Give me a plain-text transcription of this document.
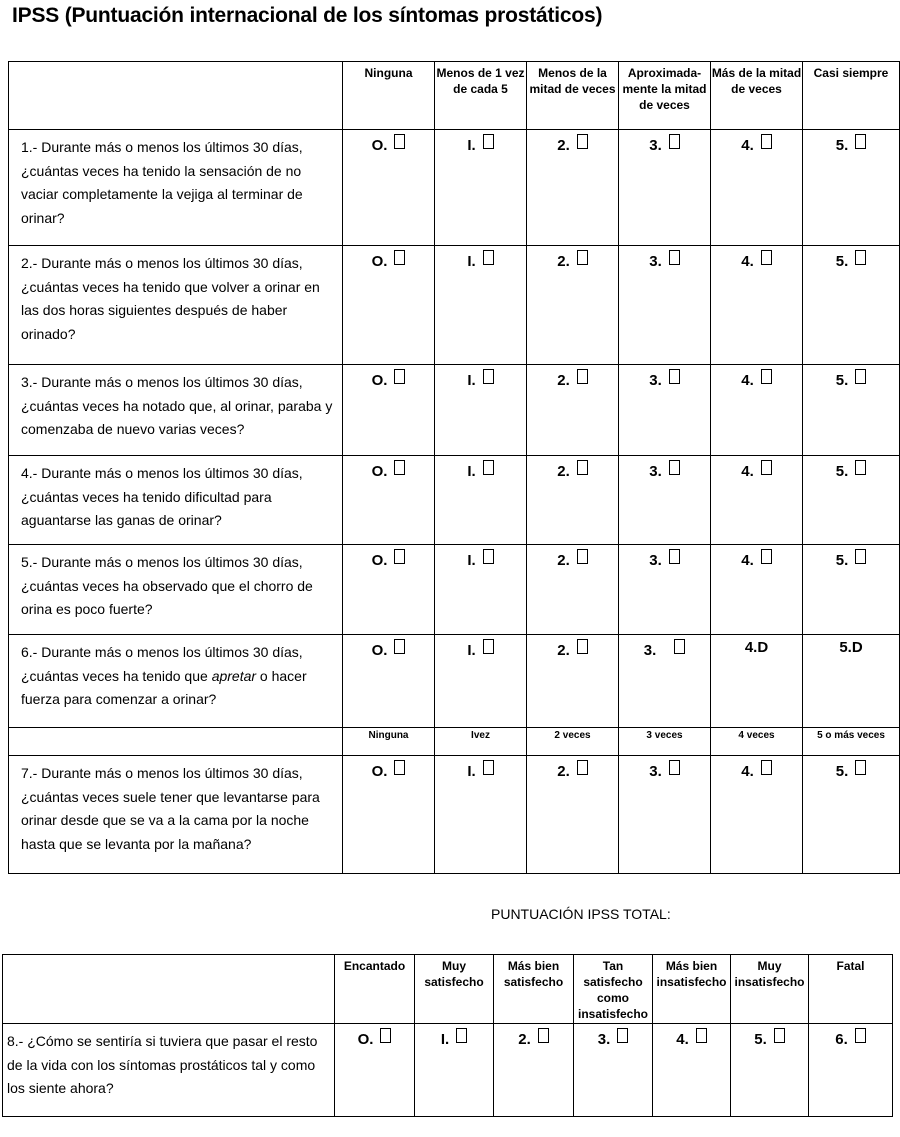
IPSS (Puntuación internacional de los síntomas prostáticos)
	Ninguna	Menos de 1 vez de cada 5	Menos de la mitad de veces	Aproximada- mente la mitad de veces	Más de la mitad de veces	Casi siempre
1.- Durante más o menos los últimos 30 días, ¿cuántas veces ha tenido la sensación de no vaciar completamente la vejiga al terminar de orinar?	O.	I.	2.	3.	4.	5.
2.- Durante más o menos los últimos 30 días, ¿cuántas veces ha tenido que volver a orinar en las dos horas siguientes después de haber orinado?	O.	I.	2.	3.	4.	5.
3.- Durante más o menos los últimos 30 días, ¿cuántas veces ha notado que, al orinar, paraba y comenzaba de nuevo varias veces?	O.	I.	2.	3.	4.	5.
4.- Durante más o menos los últimos 30 días, ¿cuántas veces ha tenido dificultad para aguantarse las ganas de orinar?	O.	I.	2.	3.	4.	5.
5.- Durante más o menos los últimos 30 días, ¿cuántas veces ha observado que el chorro de orina es poco fuerte?	O.	I.	2.	3.	4.	5.
6.- Durante más o menos los últimos 30 días, ¿cuántas veces ha tenido que apretar o hacer fuerza para comenzar a orinar?	O.	I.	2.	3.	4.D	5.D
	Ninguna	Ivez	2 veces	3 veces	4 veces	5 o más veces
7.- Durante más o menos los últimos 30 días, ¿cuántas veces suele tener que levantarse para orinar desde que se va a la cama por la noche hasta que se levanta por la mañana?	O.	I.	2.	3.	4.	5.
PUNTUACIÓN IPSS TOTAL:
	Encantado	Muy satisfecho	Más bien satisfecho	Tan satisfecho como insatisfecho	Más bien insatisfecho	Muy insatisfecho	Fatal
8.- ¿Cómo se sentiría si tuviera que pasar el resto de la vida con los síntomas prostáticos tal y como los siente ahora?	O.	I.	2.	3.	4.	5.	6.
